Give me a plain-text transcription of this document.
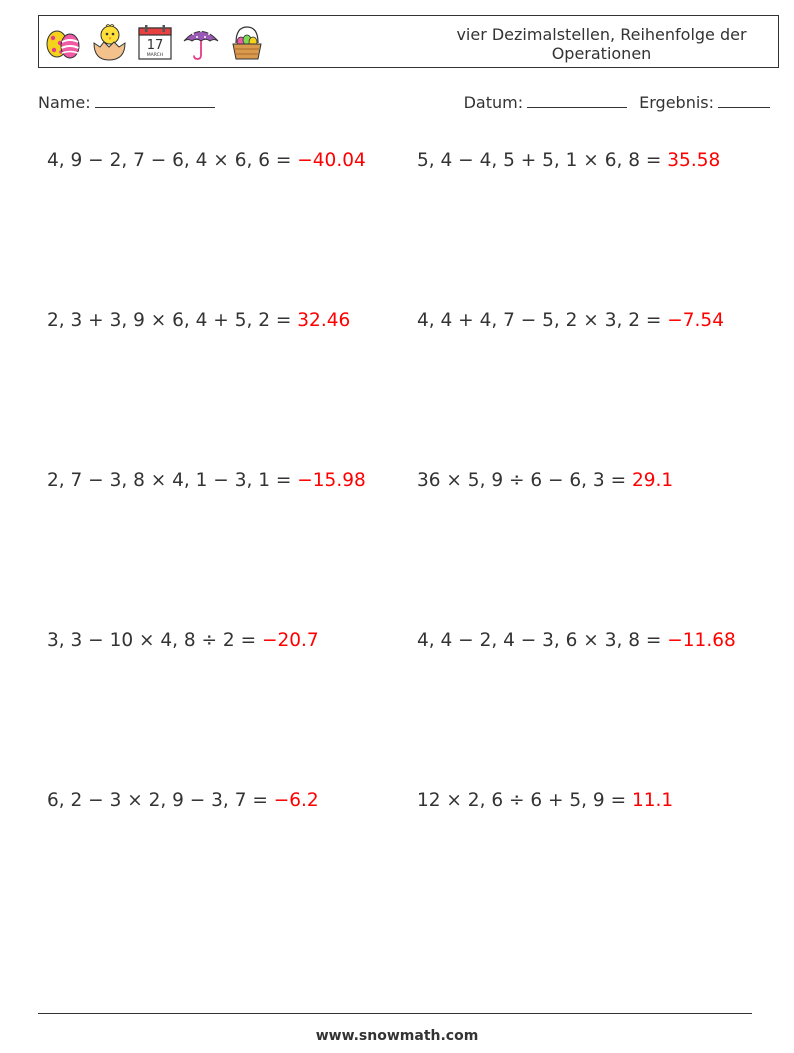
17
MARCH
vier Dezimalstellen, Reihenfolge der Operationen
Name:	Datum:	Ergebnis:
4, 9 − 2, 7 − 6, 4 × 6, 6 = −40.04	5, 4 − 4, 5 + 5, 1 × 6, 8 = 35.58
2, 3 + 3, 9 × 6, 4 + 5, 2 = 32.46	4, 4 + 4, 7 − 5, 2 × 3, 2 = −7.54
2, 7 − 3, 8 × 4, 1 − 3, 1 = −15.98	36 × 5, 9 ÷ 6 − 6, 3 = 29.1
3, 3 − 10 × 4, 8 ÷ 2 = −20.7	4, 4 − 2, 4 − 3, 6 × 3, 8 = −11.68
6, 2 − 3 × 2, 9 − 3, 7 = −6.2	12 × 2, 6 ÷ 6 + 5, 9 = 11.1
www.snowmath.com
